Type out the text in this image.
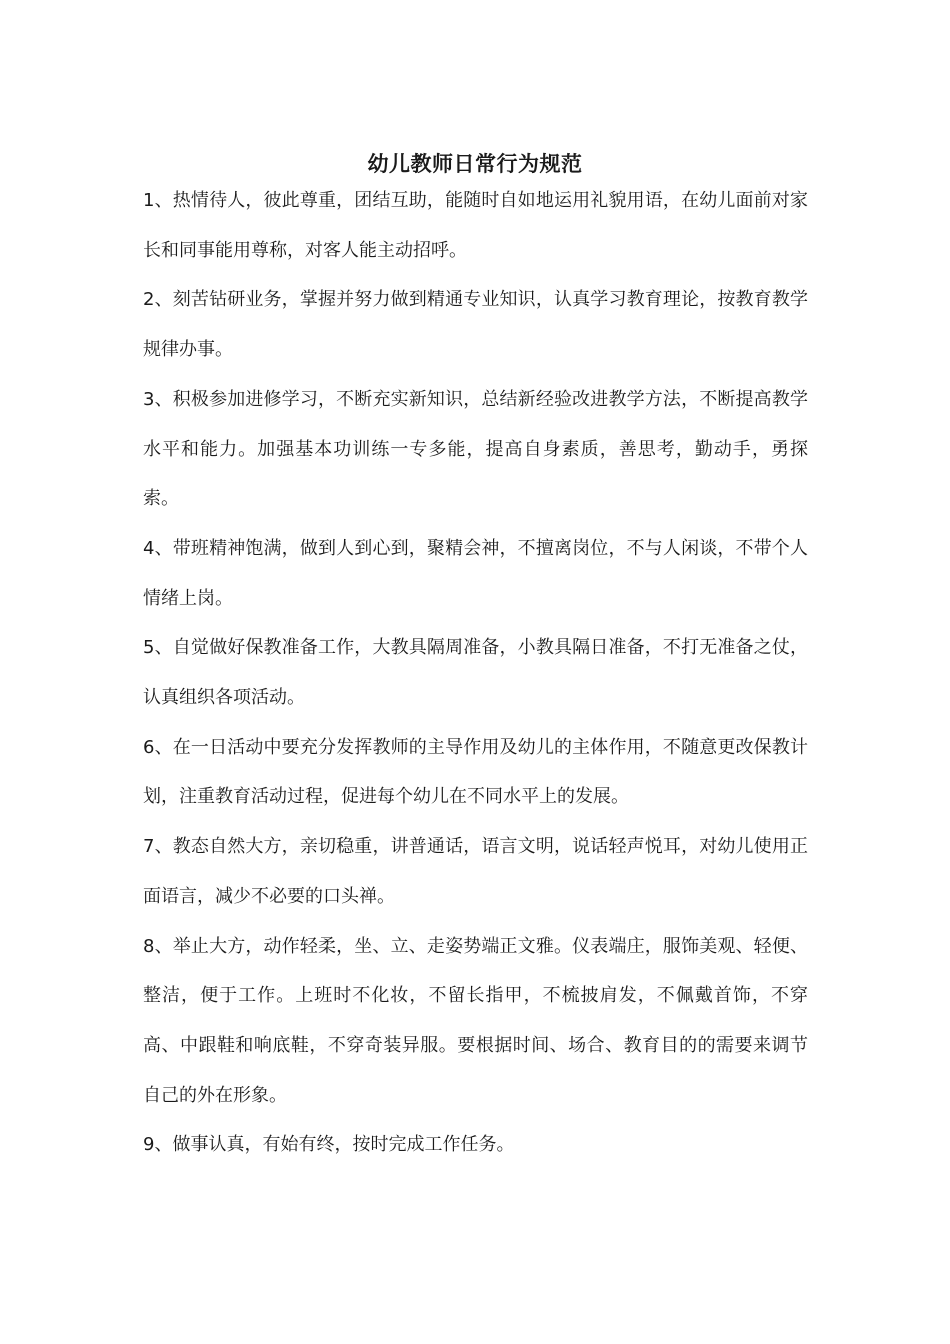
幼儿教师日常行为规范

1、热情待人，彼此尊重，团结互助，能随时自如地运用礼貌用语，在幼儿面前对家长和同事能用尊称，对客人能主动招呼。

2、刻苦钻研业务，掌握并努力做到精通专业知识，认真学习教育理论，按教育教学规律办事。

3、积极参加进修学习，不断充实新知识，总结新经验改进教学方法，不断提高教学水平和能力。加强基本功训练一专多能，提高自身素质，善思考，勤动手，勇探索。

4、带班精神饱满，做到人到心到，聚精会神，不擅离岗位，不与人闲谈，不带个人情绪上岗。

5、自觉做好保教准备工作，大教具隔周准备，小教具隔日准备，不打无准备之仗，认真组织各项活动。

6、在一日活动中要充分发挥教师的主导作用及幼儿的主体作用，不随意更改保教计划，注重教育活动过程，促进每个幼儿在不同水平上的发展。

7、教态自然大方，亲切稳重，讲普通话，语言文明，说话轻声悦耳，对幼儿使用正面语言，减少不必要的口头禅。

8、举止大方，动作轻柔，坐、立、走姿势端正文雅。仪表端庄，服饰美观、轻便、整洁，便于工作。上班时不化妆，不留长指甲，不梳披肩发，不佩戴首饰，不穿高、中跟鞋和响底鞋，不穿奇装异服。要根据时间、场合、教育目的的需要来调节自己的外在形象。

9、做事认真，有始有终，按时完成工作任务。
